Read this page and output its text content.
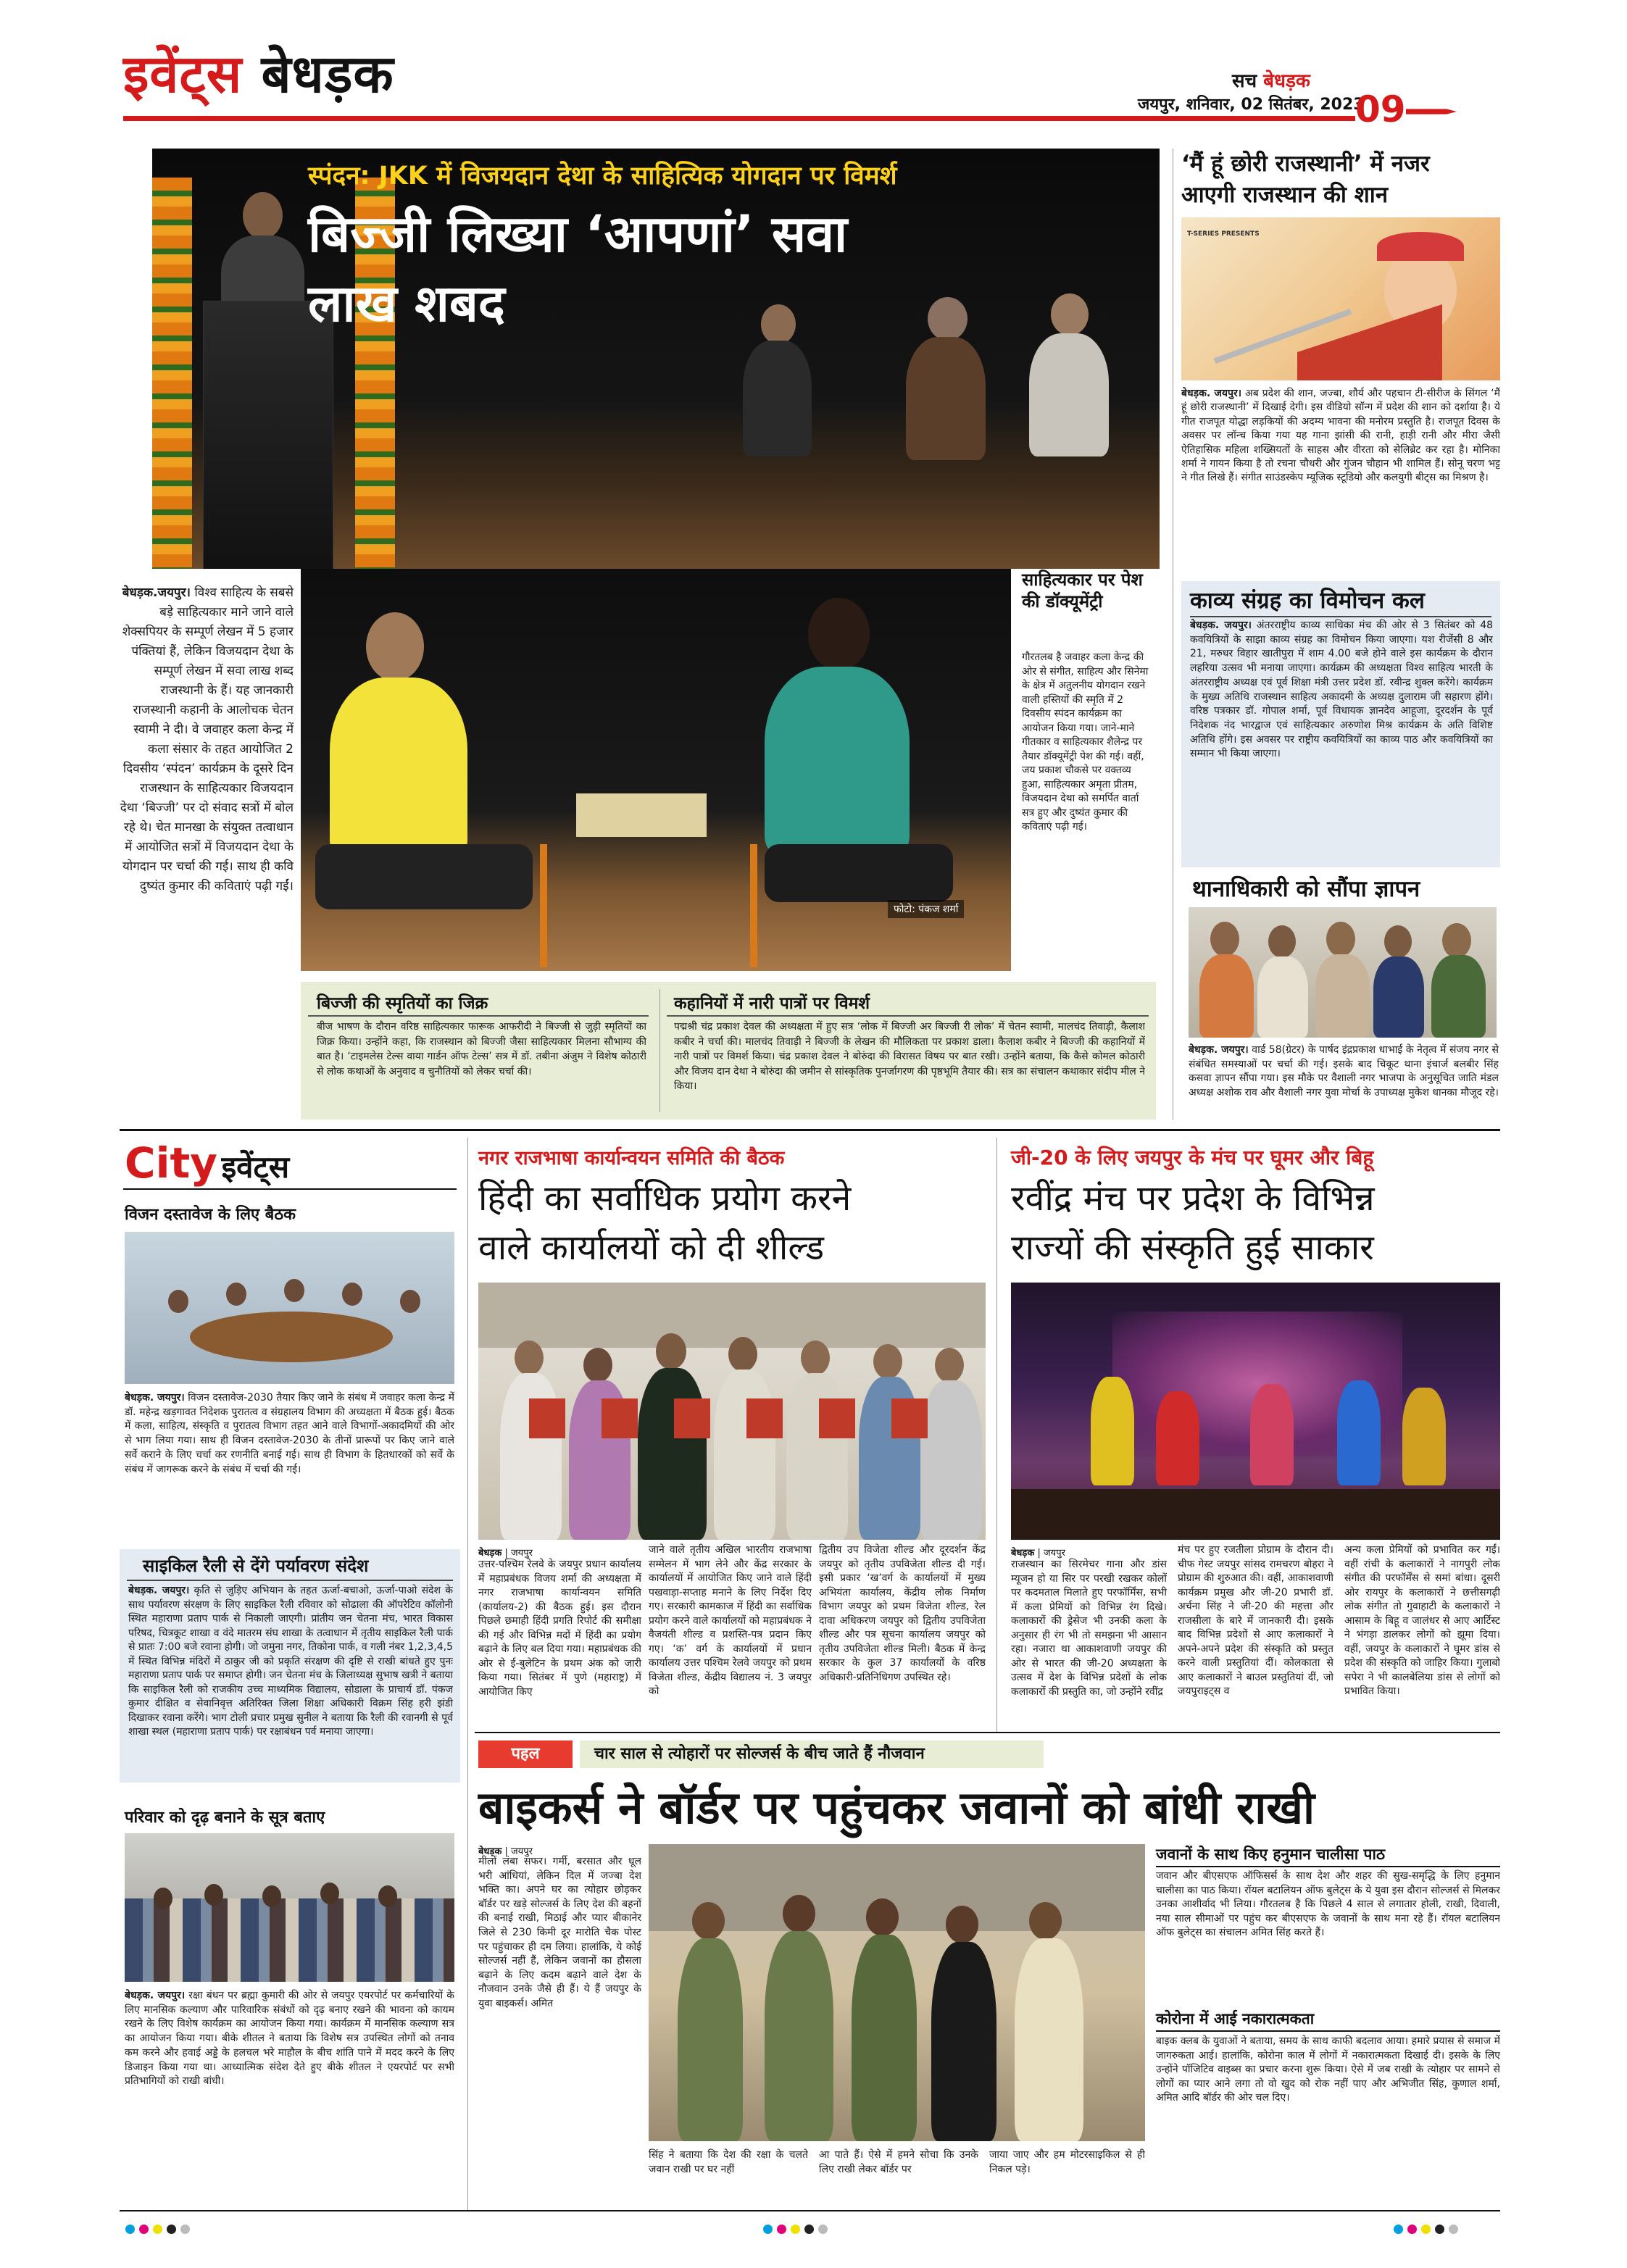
इवेंट्स बेधड़क	सच बेधड़क
जयपुर, शनिवार, 02 सितंबर, 2023
09
स्पंदन: JKK में विजयदान देथा के साहित्यिक योगदान पर विमर्श
बिज्जी लिख्या ‘आपणां’ सवा
लाख शबद
फोटो: पंकज शर्मा
बेधड़क.जयपुर। विश्व साहित्य के सबसे बड़े साहित्यकार माने जाने वाले शेक्सपियर के सम्पूर्ण लेखन में 5 हजार पंक्तियां हैं, लेकिन विजयदान देथा के सम्पूर्ण लेखन में सवा लाख शब्द राजस्थानी के हैं। यह जानकारी राजस्थानी कहानी के आलोचक चेतन स्वामी ने दी। वे जवाहर कला केन्द्र में कला संसार के तहत आयोजित 2 दिवसीय ‘स्पंदन’ कार्यक्रम के दूसरे दिन राजस्थान के साहित्यकार विजयदान देथा ‘बिज्जी’ पर दो संवाद सत्रों में बोल रहे थे। चेत मानखा के संयुक्त तत्वाधान में आयोजित सत्रों में विजयदान देथा के योगदान पर चर्चा की गई। साथ ही कवि दुष्यंत कुमार की कविताएं पढ़ी गईं।
साहित्यकार पर पेश की डॉक्यूमेंट्री
गौरतलब है जवाहर कला केन्द्र की ओर से संगीत, साहित्य और सिनेमा के क्षेत्र में अतुलनीय योगदान रखने वाली हस्तियों की स्मृति में 2 दिवसीय स्पंदन कार्यक्रम का आयोजन किया गया। जाने-माने गीतकार व साहित्यकार शैलेन्द्र पर तैयार डॉक्यूमेंट्री पेश की गई। वहीं, जय प्रकाश चौकसे पर वक्तव्य हुआ, साहित्यकार अमृता प्रीतम, विजयदान देथा को समर्पित वार्ता सत्र हुए और दुष्यंत कुमार की कविताएं पढ़ी गई।
बिज्जी की स्मृतियों का जिक्र
बीज भाषण के दौरान वरिष्ठ साहित्यकार फारूक आफरीदी ने बिज्जी से जुड़ी स्मृतियों का जिक्र किया। उन्होंने कहा, कि राजस्थान को बिज्जी जैसा साहित्यकार मिलना सौभाग्य की बात है। ‘टाइमलेस टेल्स वाया गार्डन ऑफ टेल्स’ सत्र में डॉ. तबीना अंजुम ने विशेष कोठारी से लोक कथाओं के अनुवाद व चुनौतियों को लेकर चर्चा की।
कहानियों में नारी पात्रों पर विमर्श
पद्मश्री चंद्र प्रकाश देवल की अध्यक्षता में हुए सत्र ‘लोक में बिज्जी अर बिज्जी री लोक’ में चेतन स्वामी, मालचंद तिवाड़ी, कैलाश कबीर ने चर्चा की। मालचंद तिवाड़ी ने बिज्जी के लेखन की मौलिकता पर प्रकाश डाला। कैलाश कबीर ने बिज्जी की कहानियों में नारी पात्रों पर विमर्श किया। चंद्र प्रकाश देवल ने बोरुंदा की विरासत विषय पर बात रखी। उन्होंने बताया, कि कैसे कोमल कोठारी और विजय दान देथा ने बोरुंदा की जमीन से सांस्कृतिक पुनर्जागरण की पृष्ठभूमि तैयार की। सत्र का संचालन कथाकार संदीप मील ने किया।
‘मैं हूं छोरी राजस्थानी’ में नजर
आएगी राजस्थान की शान
T-SERIES PRESENTS
बेधड़क. जयपुर। अब प्रदेश की शान, जज्बा, शौर्य और पहचान टी-सीरीज के सिंगल ‘मैं हूं छोरी राजस्थानी’ में दिखाई देगी। इस वीडियो सॉन्ग में प्रदेश की शान को दर्शाया है। ये गीत राजपूत योद्धा लड़कियों की अदम्य भावना की मनोरम प्रस्तुति है। राजपूत दिवस के अवसर पर लॉन्च किया गया यह गाना झांसी की रानी, हाड़ी रानी और मीरा जैसी ऐतिहासिक महिला शख्सियतों के साहस और वीरता को सेलिब्रेट कर रहा है। मोनिका शर्मा ने गायन किया है तो रचना चौधरी और गुंजन चौहान भी शामिल हैं। सोनू चरण भट्ट ने गीत लिखे हैं। संगीत साउंडस्केप म्यूजिक स्टूडियो और कलयुगी बीट्स का मिश्रण है।
काव्य संग्रह का विमोचन कल
बेधड़क. जयपुर। अंतरराष्ट्रीय काव्य साधिका मंच की ओर से 3 सितंबर को 48 कवयित्रियों के साझा काव्य संग्रह का विमोचन किया जाएगा। यश रीजेंसी 8 और 21, मरुधर विहार खातीपुरा में शाम 4.00 बजे होने वाले इस कार्यक्रम के दौरान लहरिया उत्सव भी मनाया जाएगा। कार्यक्रम की अध्यक्षता विश्व साहित्य भारती के अंतरराष्ट्रीय अध्यक्ष एवं पूर्व शिक्षा मंत्री उत्तर प्रदेश डॉ. रवीन्द्र शुक्ल करेंगे। कार्यक्रम के मुख्य अतिथि राजस्थान साहित्य अकादमी के अध्यक्ष दुलाराम जी सहारण होंगे। वरिष्ठ पत्रकार डॉ. गोपाल शर्मा, पूर्व विधायक ज्ञानदेव आहूजा, दूरदर्शन के पूर्व निदेशक नंद भारद्वाज एवं साहित्यकार अरुणोश मिश्र कार्यक्रम के अति विशिष्ट अतिथि होंगे। इस अवसर पर राष्ट्रीय कवयित्रियों का काव्य पाठ और कवयित्रियों का सम्मान भी किया जाएगा।
थानाधिकारी को सौंपा ज्ञापन
बेधड़क. जयपुर। वार्ड 58(ग्रेटर) के पार्षद इंद्रप्रकाश धाभाई के नेतृत्व में संजय नगर से संबंधित समस्याओं पर चर्चा की गई। इसके बाद चिकूट थाना इंचार्ज बलबीर सिंह कसवा ज्ञापन सौंपा गया। इस मौके पर वैशाली नगर भाजपा के अनुसूचित जाति मंडल अध्यक्ष अशोक राव और वैशाली नगर युवा मोर्चा के उपाध्यक्ष मुकेश धानका मौजूद रहे।
City इवेंट्स
विजन दस्तावेज के लिए बैठक
बेधड़क. जयपुर। विजन दस्तावेज-2030 तैयार किए जाने के संबंध में जवाहर कला केन्द्र में डॉ. महेन्द्र खड़गावत निदेशक पुरातत्व व संग्रहालय विभाग की अध्यक्षता में बैठक हुई। बैठक में कला, साहित्य, संस्कृति व पुरातत्व विभाग तहत आने वाले विभागों-अकादमियों की ओर से भाग लिया गया। साथ ही विजन दस्तावेज-2030 के तीनों प्रारूपों पर किए जाने वाले सर्वे कराने के लिए चर्चा कर रणनीति बनाई गई। साथ ही विभाग के हितधारकों को सर्वे के संबंध में जागरूक करने के संबंध में चर्चा की गई।
साइकिल रैली से देंगे पर्यावरण संदेश
बेधड़क. जयपुर। कृति से जुड़िए अभियान के तहत ऊर्जा-बचाओ, ऊर्जा-पाओ संदेश के साथ पर्यावरण संरक्षण के लिए साइकिल रैली रविवार को सोढाला की ऑपरेटिव कॉलोनी स्थित महाराणा प्रताप पार्क से निकाली जाएगी। प्रांतीय जन चेतना मंच, भारत विकास परिषद, चित्रकूट शाखा व वंदे मातरम संघ शाखा के तत्वाधान में तृतीय साइकिल रैली पार्क से प्रातः 7:00 बजे रवाना होगी। जो जमुना नगर, तिकोना पार्क, व गली नंबर 1,2,3,4,5 में स्थित विभिन्न मंदिरों में ठाकुर जी को प्रकृति संरक्षण की दृष्टि से राखी बांधते हुए पुनः महाराणा प्रताप पार्क पर समाप्त होगी। जन चेतना मंच के जिलाध्यक्ष सुभाष खत्री ने बताया कि साइकिल रैली को राजकीय उच्च माध्यमिक विद्यालय, सोडाला के प्राचार्य डॉ. पंकज कुमार दीक्षित व सेवानिवृत्त अतिरिक्त जिला शिक्षा अधिकारी विक्रम सिंह हरी झंडी दिखाकर रवाना करेंगे। भाग टोली प्रचार प्रमुख सुनील ने बताया कि रैली की रवानगी से पूर्व शाखा स्थल (महाराणा प्रताप पार्क) पर रक्षाबंधन पर्व मनाया जाएगा।
परिवार को दृढ़ बनाने के सूत्र बताए
बेधड़क. जयपुर। रक्षा बंधन पर ब्रह्मा कुमारी की ओर से जयपुर एयरपोर्ट पर कर्मचारियों के लिए मानसिक कल्याण और पारिवारिक संबंधों को दृढ़ बनाए रखने की भावना को कायम रखने के लिए विशेष कार्यक्रम का आयोजन किया गया। कार्यक्रम में मानसिक कल्याण सत्र का आयोजन किया गया। बीके शीतल ने बताया कि विशेष सत्र उपस्थित लोगों को तनाव कम करने और हवाई अड्डे के हलचल भरे माहौल के बीच शांति पाने में मदद करने के लिए डिजाइन किया गया था। आध्यात्मिक संदेश देते हुए बीके शीतल ने एयरपोर्ट पर सभी प्रतिभागियों को राखी बांधी।
नगर राजभाषा कार्यान्वयन समिति की बैठक
हिंदी का सर्वाधिक प्रयोग करने
वाले कार्यालयों को दी शील्ड
बेधड़क | जयपुर
उत्तर-पश्चिम रेलवे के जयपुर प्रधान कार्यालय में महाप्रबंधक विजय शर्मा की अध्यक्षता में नगर राजभाषा कार्यान्वयन समिति (कार्यालय-2) की बैठक हुई। इस दौरान पिछले छमाही हिंदी प्रगति रिपोर्ट की समीक्षा की गई और विभिन्न मदों में हिंदी का प्रयोग बढ़ाने के लिए बल दिया गया। महाप्रबंधक की ओर से ई-बुलेटिन के प्रथम अंक को जारी किया गया। सितंबर में पुणे (महाराष्ट्र) में आयोजित किए
जाने वाले तृतीय अखिल भारतीय राजभाषा सम्मेलन में भाग लेने और केंद्र सरकार के कार्यालयों में आयोजित किए जाने वाले हिंदी पखवाड़ा-सप्ताह मनाने के लिए निर्देश दिए गए। सरकारी कामकाज में हिंदी का सर्वाधिक प्रयोग करने वाले कार्यालयों को महाप्रबंधक ने वैजयंती शील्ड व प्रशस्ति-पत्र प्रदान किए गए। ‘क’ वर्ग के कार्यालयों में प्रधान कार्यालय उत्तर पश्चिम रेलवे जयपुर को प्रथम विजेता शील्ड, केंद्रीय विद्यालय नं. 3 जयपुर को
द्वितीय उप विजेता शील्ड और दूरदर्शन केंद्र जयपुर को तृतीय उपविजेता शील्ड दी गई। इसी प्रकार ‘ख’वर्ग के कार्यालयों में मुख्य अभियंता कार्यालय, केंद्रीय लोक निर्माण विभाग जयपुर को प्रथम विजेता शील्ड, रेल दावा अधिकरण जयपुर को द्वितीय उपविजेता शील्ड और पत्र सूचना कार्यालय जयपुर को तृतीय उपविजेता शील्ड मिली। बैठक में केन्द्र सरकार के कुल 37 कार्यालयों के वरिष्ठ अधिकारी-प्रतिनिधिगण उपस्थित रहे।
जी-20 के लिए जयपुर के मंच पर घूमर और बिहू
रवींद्र मंच पर प्रदेश के विभिन्न
राज्यों की संस्कृति हुई साकार
बेधड़क | जयपुर
राजस्थान का सिरमेचर गाना और डांस म्यूजन हो या सिर पर परखी रखकर कोलों पर कदमताल मिलाते हुए परफॉर्मिंस, सभी में कला प्रेमियों को विभिन्न रंग दिखे। कलाकारों की ड्रेसेज भी उनकी कला के अनुसार ही रंग भी तो समझना भी आसान रहा। नजारा था आकाशवाणी जयपुर की ओर से भारत की जी-20 अध्यक्षता के उत्सव में देश के विभिन्न प्रदेशों के लोक कलाकारों की प्रस्तुति का, जो उन्होंने रवींद्र
मंच पर हुए रजतीला प्रोग्राम के दौरान दी। चीफ गेस्ट जयपुर सांसद रामचरण बोहरा ने प्रोग्राम की शुरुआत की। वहीं, आकाशवाणी कार्यक्रम प्रमुख और जी-20 प्रभारी डॉ. अर्चना सिंह ने जी-20 की महत्ता और राजसीला के बारे में जानकारी दी। इसके बाद विभिन्न प्रदेशों से आए कलाकारों ने अपने-अपने प्रदेश की संस्कृति को प्रस्तुत करने वाली प्रस्तुतियां दीं। कोलकाता से आए कलाकारों ने बाउल प्रस्तुतियां दीं, जो जयपुराइट्स व
अन्य कला प्रेमियों को प्रभावित कर गईं। वहीं रांची के कलाकारों ने नागपुरी लोक संगीत की परफॉर्मेंस से समां बांधा। दूसरी ओर रायपुर के कलाकारों ने छत्तीसगढ़ी लोक संगीत तो गुवाहाटी के कलाकारों ने आसाम के बिहू व जालंधर से आए आर्टिस्ट ने भंगड़ा डालकर लोगों को झूमा दिया। वहीं, जयपुर के कलाकारों ने घूमर डांस से प्रदेश की संस्कृति को जाहिर किया। गुलाबो सपेरा ने भी कालबेलिया डांस से लोगों को प्रभावित किया।
पहल	चार साल से त्योहारों पर सोल्जर्स के बीच जाते हैं नौजवान
बाइकर्स ने बॉर्डर पर पहुंचकर जवानों को बांधी राखी
बेधड़क | जयपुर
मीलों लंबा सफर। गर्मी, बरसात और धूल भरी आंधियां, लेकिन दिल में जज्बा देश भक्ति का। अपने घर का त्योहार छोड़कर बॉर्डर पर खड़े सोल्जर्स के लिए देश की बहनों की बनाई राखी, मिठाई और प्यार बीकानेर जिले से 230 किमी दूर मारोति चैक पोस्ट पर पहुंचाकर ही दम लिया। हालांकि, ये कोई सोल्जर्स नहीं हैं, लेकिन जवानों का हौसला बढ़ाने के लिए कदम बढ़ाने वाले देश के नौजवान उनके जैसे ही हैं। ये हैं जयपुर के युवा बाइकर्स। अमित
सिंह ने बताया कि देश की रक्षा के चलते जवान राखी पर घर नहीं
आ पाते हैं। ऐसे में हमने सोचा कि उनके लिए राखी लेकर बॉर्डर पर
जाया जाए और हम मोटरसाइकिल से ही निकल पड़े।
जवानों के साथ किए हनुमान चालीसा पाठ
जवान और बीएसएफ ऑफिसर्स के साथ देश और शहर की सुख-समृद्धि के लिए हनुमान चालीसा का पाठ किया। रॉयल बटालियन ऑफ बुलेट्स के ये युवा इस दौरान सोल्जर्स से मिलकर उनका आशीर्वाद भी लिया। गौरतलब है कि पिछले 4 साल से लगातार होली, राखी, दिवाली, नया साल सीमाओं पर पहुंच कर बीएसएफ के जवानों के साथ मना रहे हैं। रॉयल बटालियन ऑफ बुलेट्स का संचालन अमित सिंह करते हैं।
कोरोना में आई नकारात्मकता
बाइक क्लब के युवाओं ने बताया, समय के साथ काफी बदलाव आया। हमारे प्रयास से समाज में जागरुकता आई। हालांकि, कोरोना काल में लोगों में नकारात्मकता दिखाई दी। इसके के लिए उन्होंने पॉजिटिव वाइब्स का प्रचार करना शुरू किया। ऐसे में जब राखी के त्योहार पर सामने से लोगों का प्यार आने लगा तो वो खुद को रोक नहीं पाए और अभिजीत सिंह, कुणाल शर्मा, अमित आदि बॉर्डर की ओर चल दिए।
